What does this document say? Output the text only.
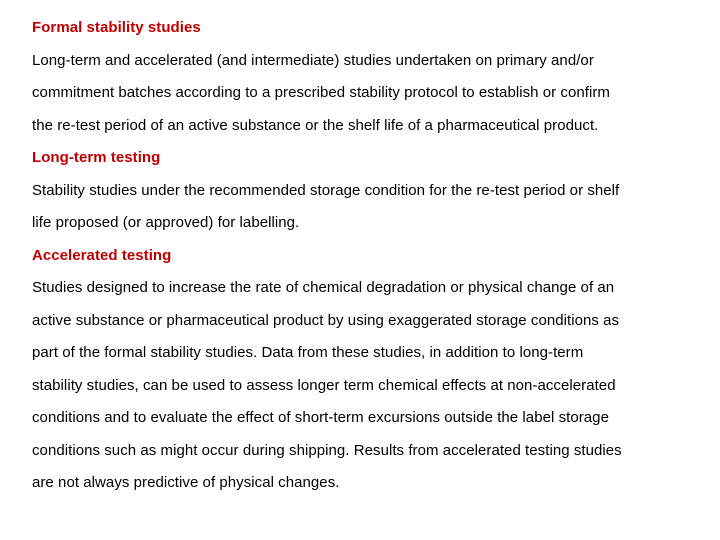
Formal stability studies
Long-term and accelerated (and intermediate) studies undertaken on primary and/or
commitment batches according to a prescribed stability protocol to establish or confirm
the re-test period of an active substance or the shelf life of a pharmaceutical product.
Long-term testing
Stability studies under the recommended storage condition for the re-test period or shelf
life proposed (or approved) for labelling.
Accelerated testing
Studies designed to increase the rate of chemical degradation or physical change of an
active substance or pharmaceutical product by using exaggerated storage conditions as
part of the formal stability studies. Data from these studies, in addition to long-term
stability studies, can be used to assess longer term chemical effects at non-accelerated
conditions and to evaluate the effect of short-term excursions outside the label storage
conditions such as might occur during shipping. Results from accelerated testing studies
are not always predictive of physical changes.
